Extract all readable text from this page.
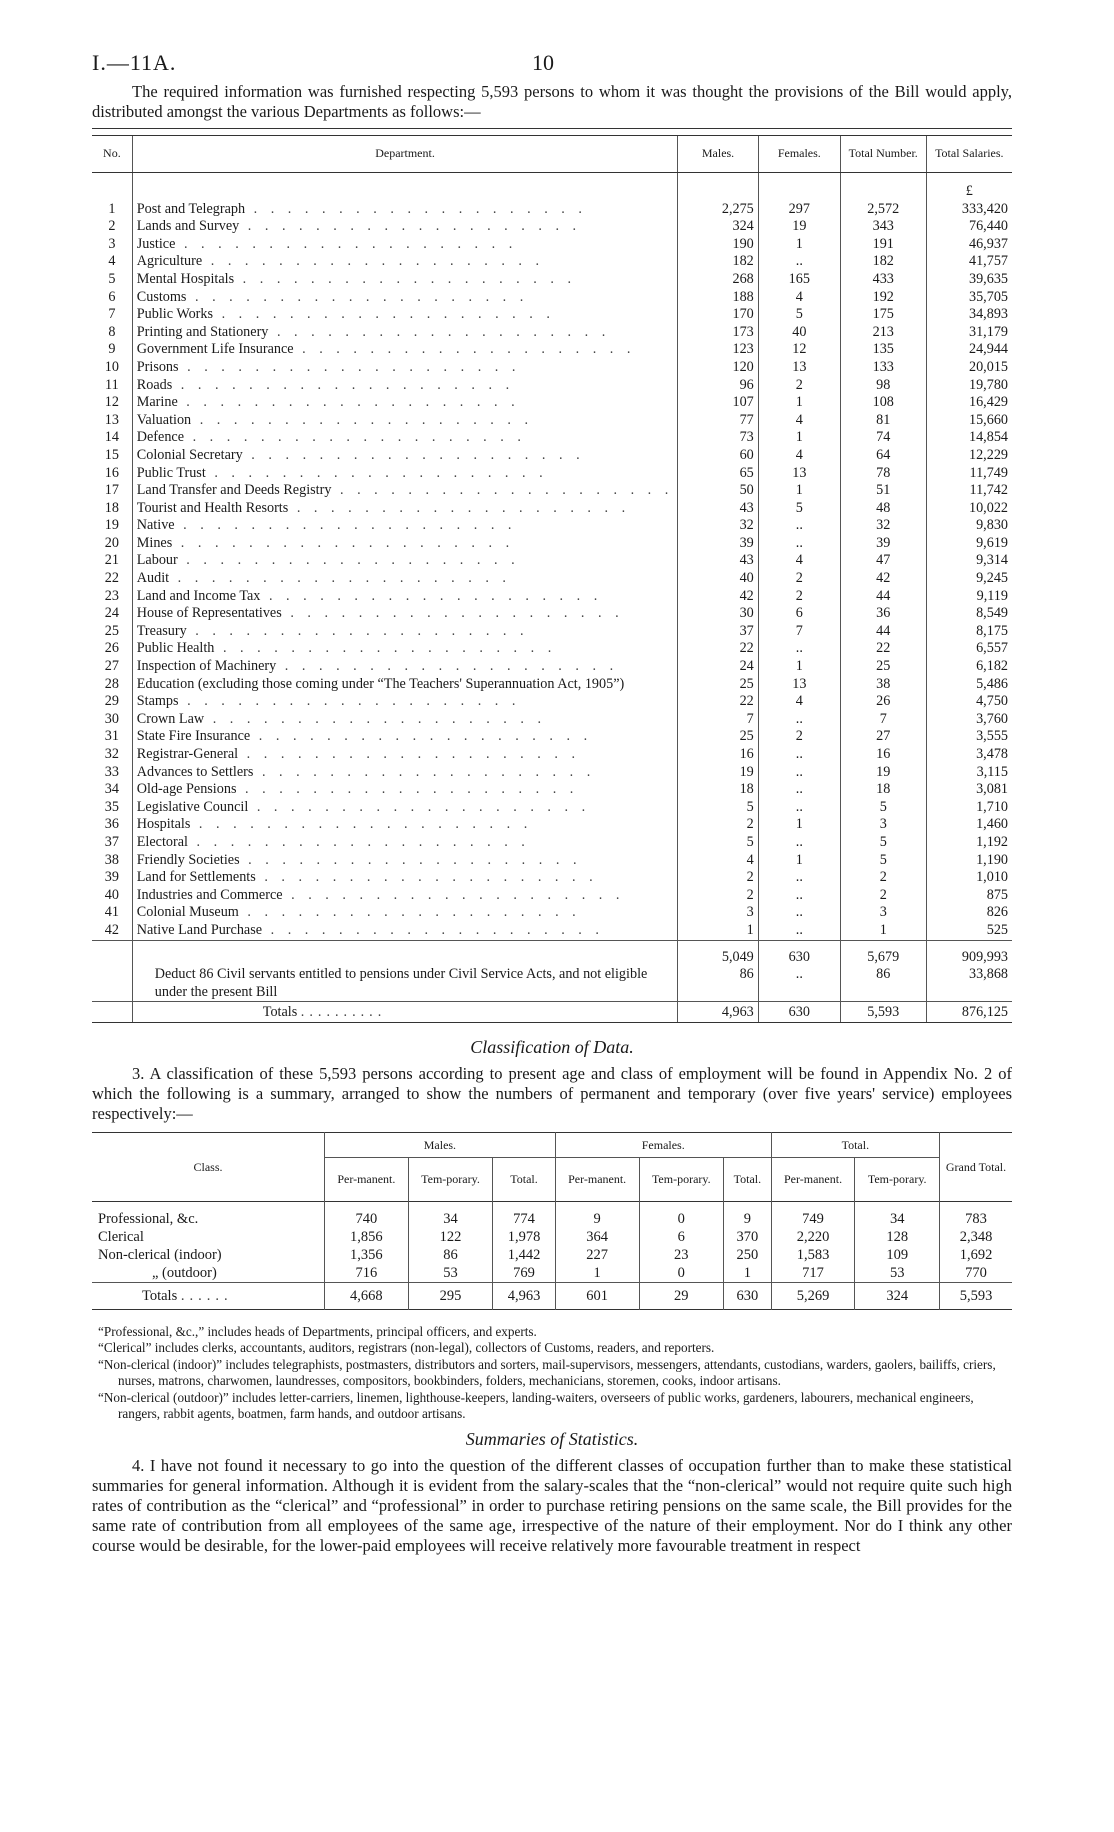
I.—11A.	10

The required information was furnished respecting 5,593 persons to whom it was thought the provisions of the Bill would apply, distributed amongst the various Departments as follows:—

No.	Department.	Males.	Females.	Total Number.	Total Salaries.
					£
1	Post and Telegraph . . . . . . . . . . . . . . . . . . . .	2,275	297	2,572	333,420
2	Lands and Survey . . . . . . . . . . . . . . . . . . . .	324	19	343	76,440
3	Justice . . . . . . . . . . . . . . . . . . . .	190	1	191	46,937
4	Agriculture . . . . . . . . . . . . . . . . . . . .	182	..	182	41,757
5	Mental Hospitals . . . . . . . . . . . . . . . . . . . .	268	165	433	39,635
6	Customs . . . . . . . . . . . . . . . . . . . .	188	4	192	35,705
7	Public Works . . . . . . . . . . . . . . . . . . . .	170	5	175	34,893
8	Printing and Stationery . . . . . . . . . . . . . . . . . . . .	173	40	213	31,179
9	Government Life Insurance . . . . . . . . . . . . . . . . . . . .	123	12	135	24,944
10	Prisons . . . . . . . . . . . . . . . . . . . .	120	13	133	20,015
11	Roads . . . . . . . . . . . . . . . . . . . .	96	2	98	19,780
12	Marine . . . . . . . . . . . . . . . . . . . .	107	1	108	16,429
13	Valuation . . . . . . . . . . . . . . . . . . . .	77	4	81	15,660
14	Defence . . . . . . . . . . . . . . . . . . . .	73	1	74	14,854
15	Colonial Secretary . . . . . . . . . . . . . . . . . . . .	60	4	64	12,229
16	Public Trust . . . . . . . . . . . . . . . . . . . .	65	13	78	11,749
17	Land Transfer and Deeds Registry . . . . . . . . . . . . . . . . . . . .	50	1	51	11,742
18	Tourist and Health Resorts . . . . . . . . . . . . . . . . . . . .	43	5	48	10,022
19	Native . . . . . . . . . . . . . . . . . . . .	32	..	32	9,830
20	Mines . . . . . . . . . . . . . . . . . . . .	39	..	39	9,619
21	Labour . . . . . . . . . . . . . . . . . . . .	43	4	47	9,314
22	Audit . . . . . . . . . . . . . . . . . . . .	40	2	42	9,245
23	Land and Income Tax . . . . . . . . . . . . . . . . . . . .	42	2	44	9,119
24	House of Representatives . . . . . . . . . . . . . . . . . . . .	30	6	36	8,549
25	Treasury . . . . . . . . . . . . . . . . . . . .	37	7	44	8,175
26	Public Health . . . . . . . . . . . . . . . . . . . .	22	..	22	6,557
27	Inspection of Machinery . . . . . . . . . . . . . . . . . . . .	24	1	25	6,182
28	Education (excluding those coming under “The Teachers' Superannuation Act, 1905”)	25	13	38	5,486
29	Stamps . . . . . . . . . . . . . . . . . . . .	22	4	26	4,750
30	Crown Law . . . . . . . . . . . . . . . . . . . .	7	..	7	3,760
31	State Fire Insurance . . . . . . . . . . . . . . . . . . . .	25	2	27	3,555
32	Registrar-General . . . . . . . . . . . . . . . . . . . .	16	..	16	3,478
33	Advances to Settlers . . . . . . . . . . . . . . . . . . . .	19	..	19	3,115
34	Old-age Pensions . . . . . . . . . . . . . . . . . . . .	18	..	18	3,081
35	Legislative Council . . . . . . . . . . . . . . . . . . . .	5	..	5	1,710
36	Hospitals . . . . . . . . . . . . . . . . . . . .	2	1	3	1,460
37	Electoral . . . . . . . . . . . . . . . . . . . .	5	..	5	1,192
38	Friendly Societies . . . . . . . . . . . . . . . . . . . .	4	1	5	1,190
39	Land for Settlements . . . . . . . . . . . . . . . . . . . .	2	..	2	1,010
40	Industries and Commerce . . . . . . . . . . . . . . . . . . . .	2	..	2	875
41	Colonial Museum . . . . . . . . . . . . . . . . . . . .	3	..	3	826
42	Native Land Purchase . . . . . . . . . . . . . . . . . . . .	1	..	1	525
		5,049	630	5,679	909,993
	Deduct 86 Civil servants entitled to pensions under Civil Service Acts, and not eligible under the present Bill	86	..	86	33,868
	Totals ..........	4,963	630	5,593	876,125
Classification of Data.

3. A classification of these 5,593 persons according to present age and class of employment will be found in Appendix No. 2 of which the following is a summary, arranged to show the numbers of permanent and temporary (over five years' service) employees respectively:—

Class.	Males.			Females.			Total.		Grand Total.
	Per-manent.	Tem-porary.	Total.	Per-manent.	Tem-porary.	Total.	Per-manent.	Tem-porary.	
Professional, &c.	740	34	774	9	0	9	749	34	783
Clerical	1,856	122	1,978	364	6	370	2,220	128	2,348
Non-clerical (indoor)	1,356	86	1,442	227	23	250	1,583	109	1,692
„ (outdoor)	716	53	769	1	0	1	717	53	770
Totals ......	4,668	295	4,963	601	29	630	5,269	324	5,593

“Professional, &c.,” includes heads of Departments, principal officers, and experts.

“Clerical” includes clerks, accountants, auditors, registrars (non-legal), collectors of Customs, readers, and reporters.

“Non-clerical (indoor)” includes telegraphists, postmasters, distributors and sorters, mail-supervisors, messengers, attendants, custodians, warders, gaolers, bailiffs, criers, nurses, matrons, charwomen, laundresses, compositors, bookbinders, folders, mechanicians, storemen, cooks, indoor artisans.

“Non-clerical (outdoor)” includes letter-carriers, linemen, lighthouse-keepers, landing-waiters, overseers of public works, gardeners, labourers, mechanical engineers, rangers, rabbit agents, boatmen, farm hands, and outdoor artisans.

Summaries of Statistics.

4. I have not found it necessary to go into the question of the different classes of occupation further than to make these statistical summaries for general information. Although it is evident from the salary-scales that the “non-clerical” would not require quite such high rates of contribution as the “clerical” and “professional” in order to purchase retiring pensions on the same scale, the Bill provides for the same rate of contribution from all employees of the same age, irrespective of the nature of their employment. Nor do I think any other course would be desirable, for the lower-paid employees will receive relatively more favourable treatment in respect
